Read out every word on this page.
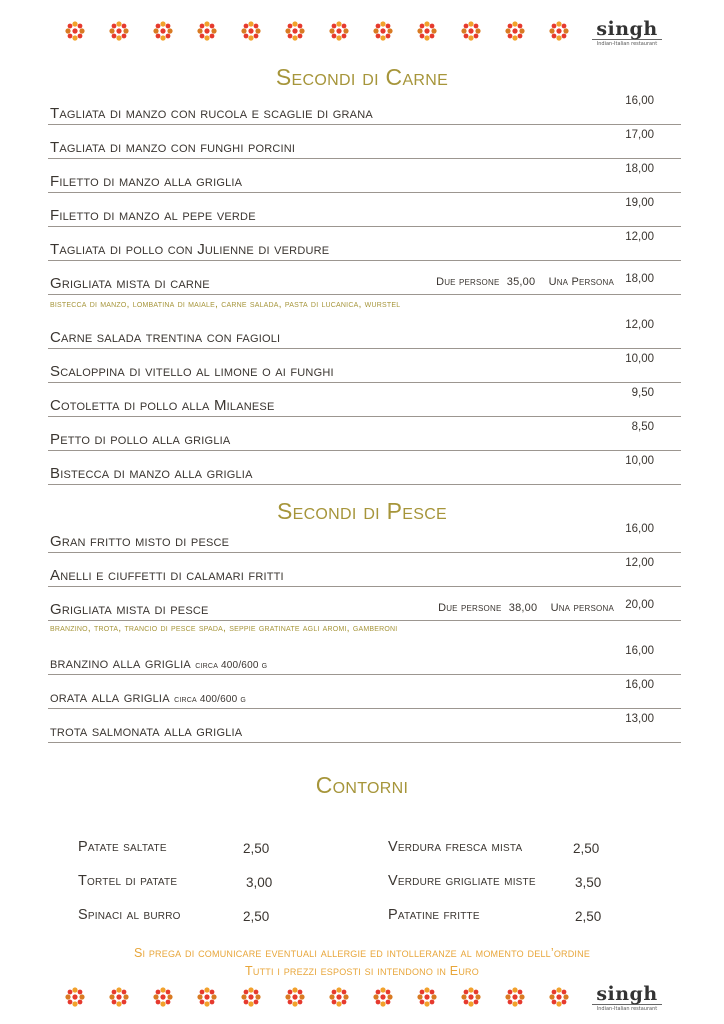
singh
Indian-Italian restaurant
Secondi di Carne
Tagliata di manzo con rucola e scaglie di grana
16,00
Tagliata di manzo con funghi porcini
17,00
Filetto di manzo alla griglia
18,00
Filetto di manzo al pepe verde
19,00
Tagliata di pollo con Julienne di verdure
12,00
Grigliata mista di carne	Due persone 35,00 Una Persona 18,00
bistecca di manzo, lombatina di maiale, carne salada, pasta di lucanica, wurstel
Carne salada trentina con fagioli
12,00
Scaloppina di vitello al limone o ai funghi
10,00
Cotoletta di pollo alla Milanese
9,50
Petto di pollo alla griglia
8,50
Bistecca di manzo alla griglia
10,00
Secondi di Pesce
Gran fritto misto di pesce
16,00
Anelli e ciuffetti di calamari fritti
12,00
Grigliata mista di pesce	Due persone 38,00 Una persona 20,00
branzino, trota, trancio di pesce spada, seppie gratinate agli aromi, gamberoni
branzino alla griglia circa 400/600 g
16,00
orata alla griglia circa 400/600 g
16,00
trota salmonata alla griglia
13,00
Contorni
Patate saltate	2,50
Tortel di patate	3,00
Spinaci al burro	2,50
Verdura fresca mista	2,50
Verdure grigliate miste	3,50
Patatine fritte	2,50
Si prega di comunicare eventuali allergie ed intolleranze al momento dell’ordine
Tutti i prezzi esposti si intendono in Euro
singh
Indian-Italian restaurant
